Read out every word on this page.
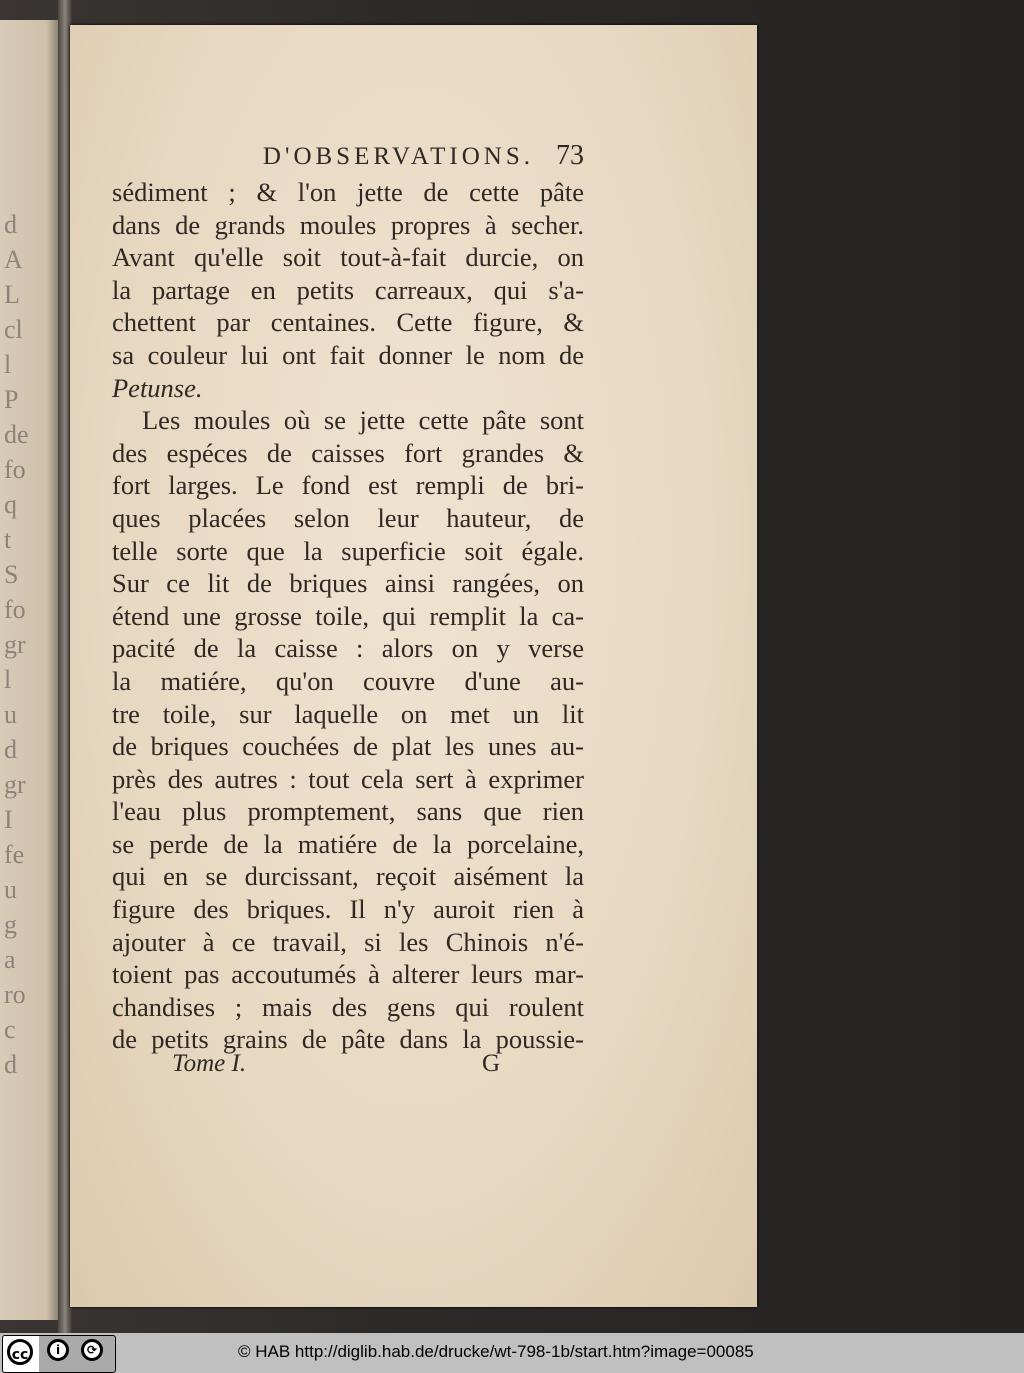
d
A
L
cl
l
P
de
fo
q
t
S
fo
gr
l
u
d
gr
I
fe
u
g
a
ro
c
d
D'OBSERVATIONS. 73
sédiment ; & l'on jette de cette pâte
dans de grands moules propres à secher.
Avant qu'elle soit tout-à-fait durcie, on
la partage en petits carreaux, qui s'a-
chettent par centaines. Cette figure, &
sa couleur lui ont fait donner le nom de
Petunse.
Les moules où se jette cette pâte sont
des espéces de caisses fort grandes &
fort larges. Le fond est rempli de bri-
ques placées selon leur hauteur, de
telle sorte que la superficie soit égale.
Sur ce lit de briques ainsi rangées, on
étend une grosse toile, qui remplit la ca-
pacité de la caisse : alors on y verse
la matiére, qu'on couvre d'une au-
tre toile, sur laquelle on met un lit
de briques couchées de plat les unes au-
près des autres : tout cela sert à exprimer
l'eau plus promptement, sans que rien
se perde de la matiére de la porcelaine,
qui en se durcissant, reçoit aisément la
figure des briques. Il n'y auroit rien à
ajouter à ce travail, si les Chinois n'é-
toient pas accoutumés à alterer leurs mar-
chandises ; mais des gens qui roulent
de petits grains de pâte dans la poussie-
Tome I.	G
cc	i	⟳	© HAB http://diglib.hab.de/drucke/wt-798-1b/start.htm?image=00085
